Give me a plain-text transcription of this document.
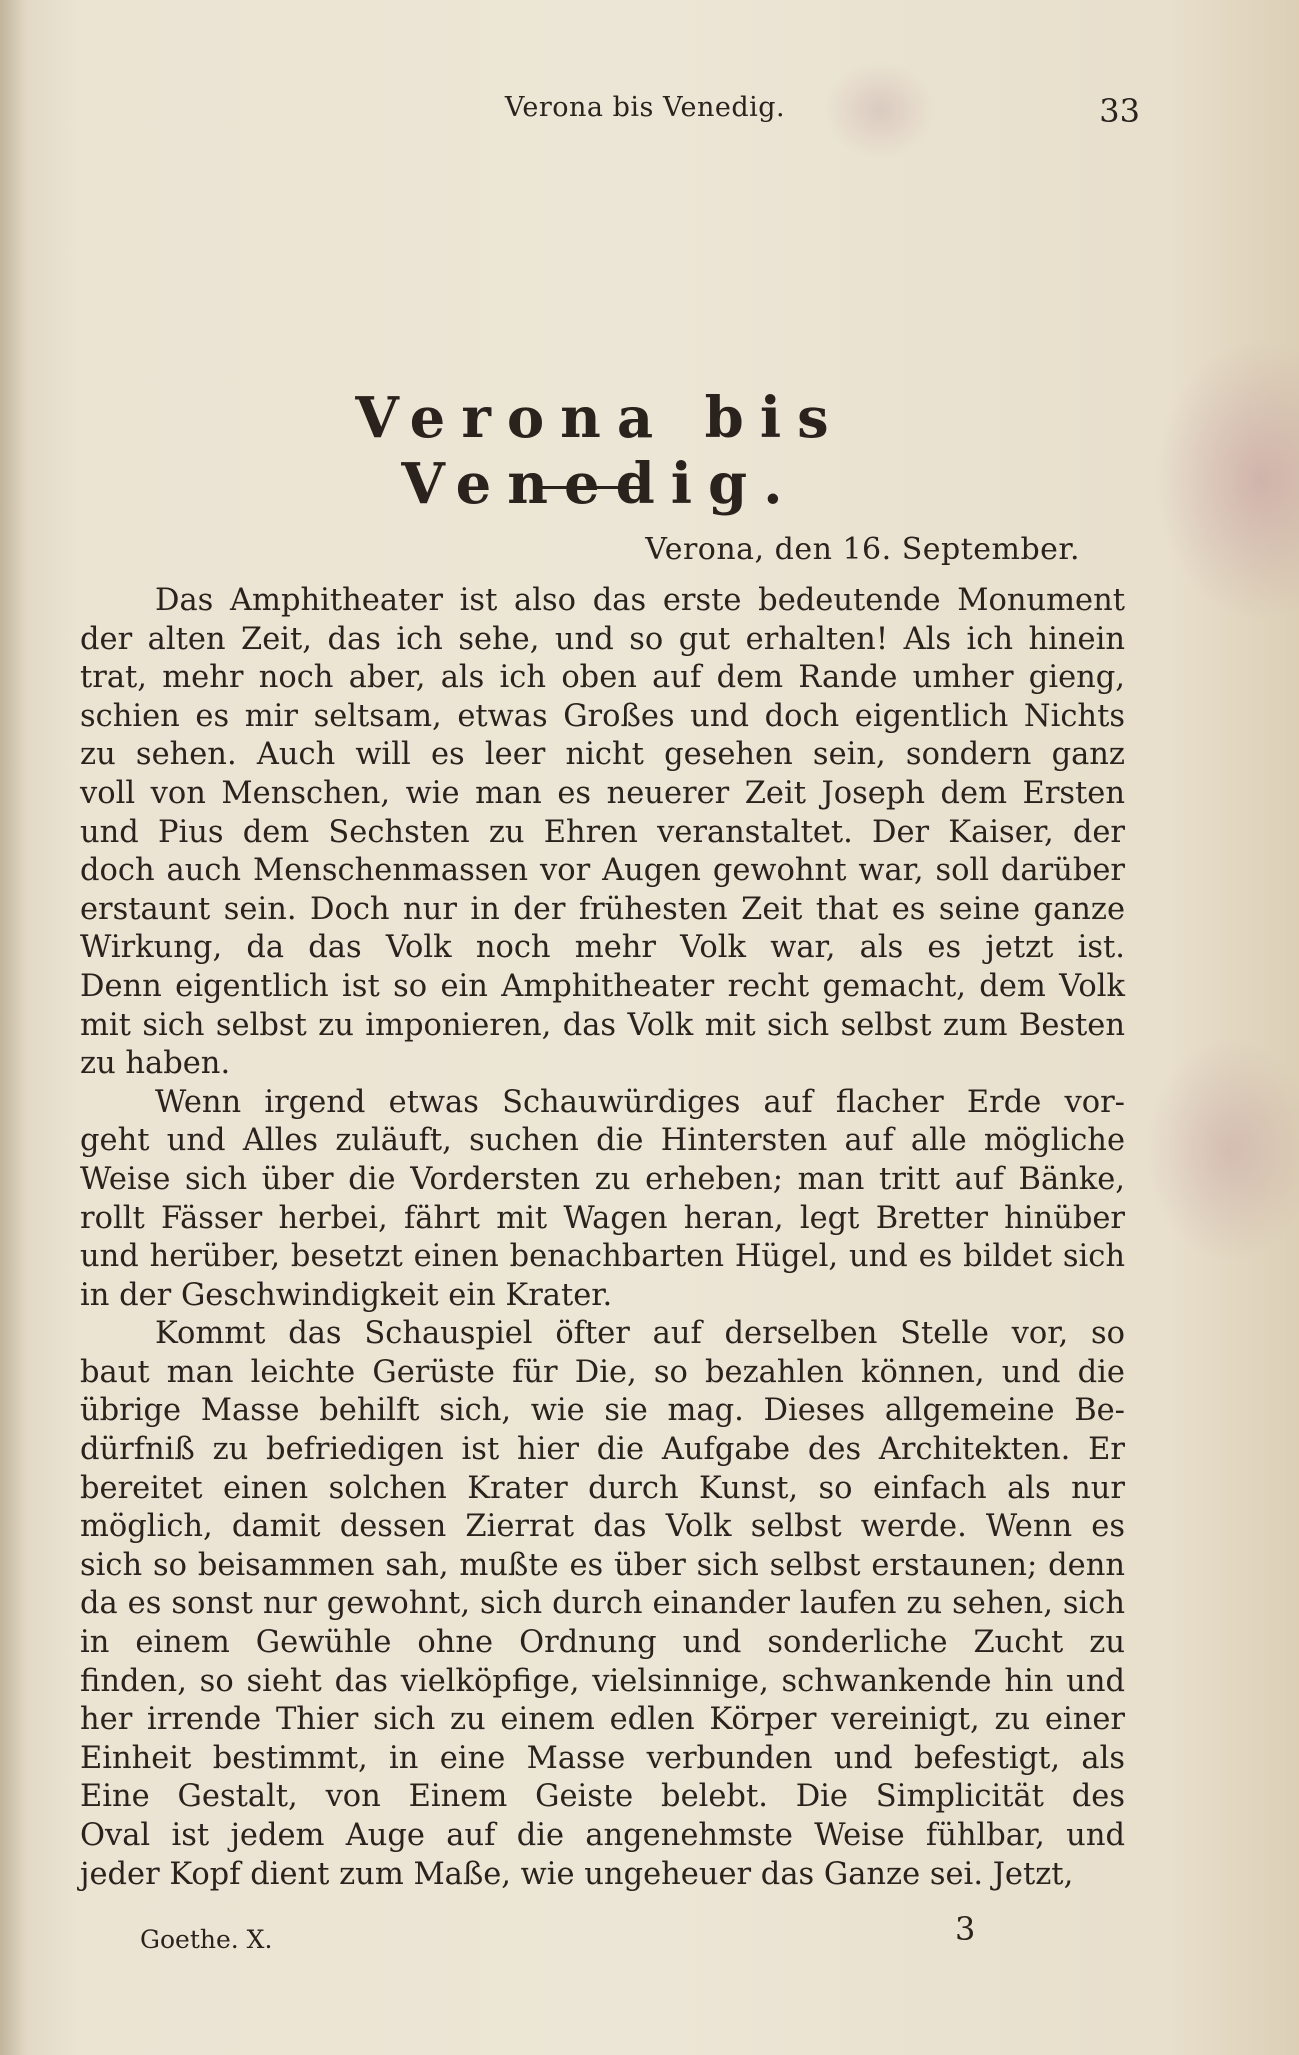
Verona bis Venedig.	33
Verona bis Venedig.
Verona, den 16. September.
Das Amphitheater ist also das erste bedeutende Monument
der alten Zeit, das ich sehe, und so gut erhalten! Als ich hinein
trat, mehr noch aber, als ich oben auf dem Rande umher gieng,
schien es mir seltsam, etwas Großes und doch eigentlich Nichts
zu sehen. Auch will es leer nicht gesehen sein, sondern ganz
voll von Menschen, wie man es neuerer Zeit Joseph dem Ersten
und Pius dem Sechsten zu Ehren veranstaltet. Der Kaiser, der
doch auch Menschenmassen vor Augen gewohnt war, soll darüber
erstaunt sein. Doch nur in der frühesten Zeit that es seine ganze
Wirkung, da das Volk noch mehr Volk war, als es jetzt ist.
Denn eigentlich ist so ein Amphitheater recht gemacht, dem Volk
mit sich selbst zu imponieren, das Volk mit sich selbst zum Besten
zu haben.
Wenn irgend etwas Schauwürdiges auf flacher Erde vor-
geht und Alles zuläuft, suchen die Hintersten auf alle mögliche
Weise sich über die Vordersten zu erheben; man tritt auf Bänke,
rollt Fässer herbei, fährt mit Wagen heran, legt Bretter hinüber
und herüber, besetzt einen benachbarten Hügel, und es bildet sich
in der Geschwindigkeit ein Krater.
Kommt das Schauspiel öfter auf derselben Stelle vor, so
baut man leichte Gerüste für Die, so bezahlen können, und die
übrige Masse behilft sich, wie sie mag. Dieses allgemeine Be-
dürfniß zu befriedigen ist hier die Aufgabe des Architekten. Er
bereitet einen solchen Krater durch Kunst, so einfach als nur
möglich, damit dessen Zierrat das Volk selbst werde. Wenn es
sich so beisammen sah, mußte es über sich selbst erstaunen; denn
da es sonst nur gewohnt, sich durch einander laufen zu sehen, sich
in einem Gewühle ohne Ordnung und sonderliche Zucht zu
finden, so sieht das vielköpfige, vielsinnige, schwankende hin und
her irrende Thier sich zu einem edlen Körper vereinigt, zu einer
Einheit bestimmt, in eine Masse verbunden und befestigt, als
Eine Gestalt, von Einem Geiste belebt. Die Simplicität des
Oval ist jedem Auge auf die angenehmste Weise fühlbar, und
jeder Kopf dient zum Maße, wie ungeheuer das Ganze sei. Jetzt,
Goethe. X.	3
